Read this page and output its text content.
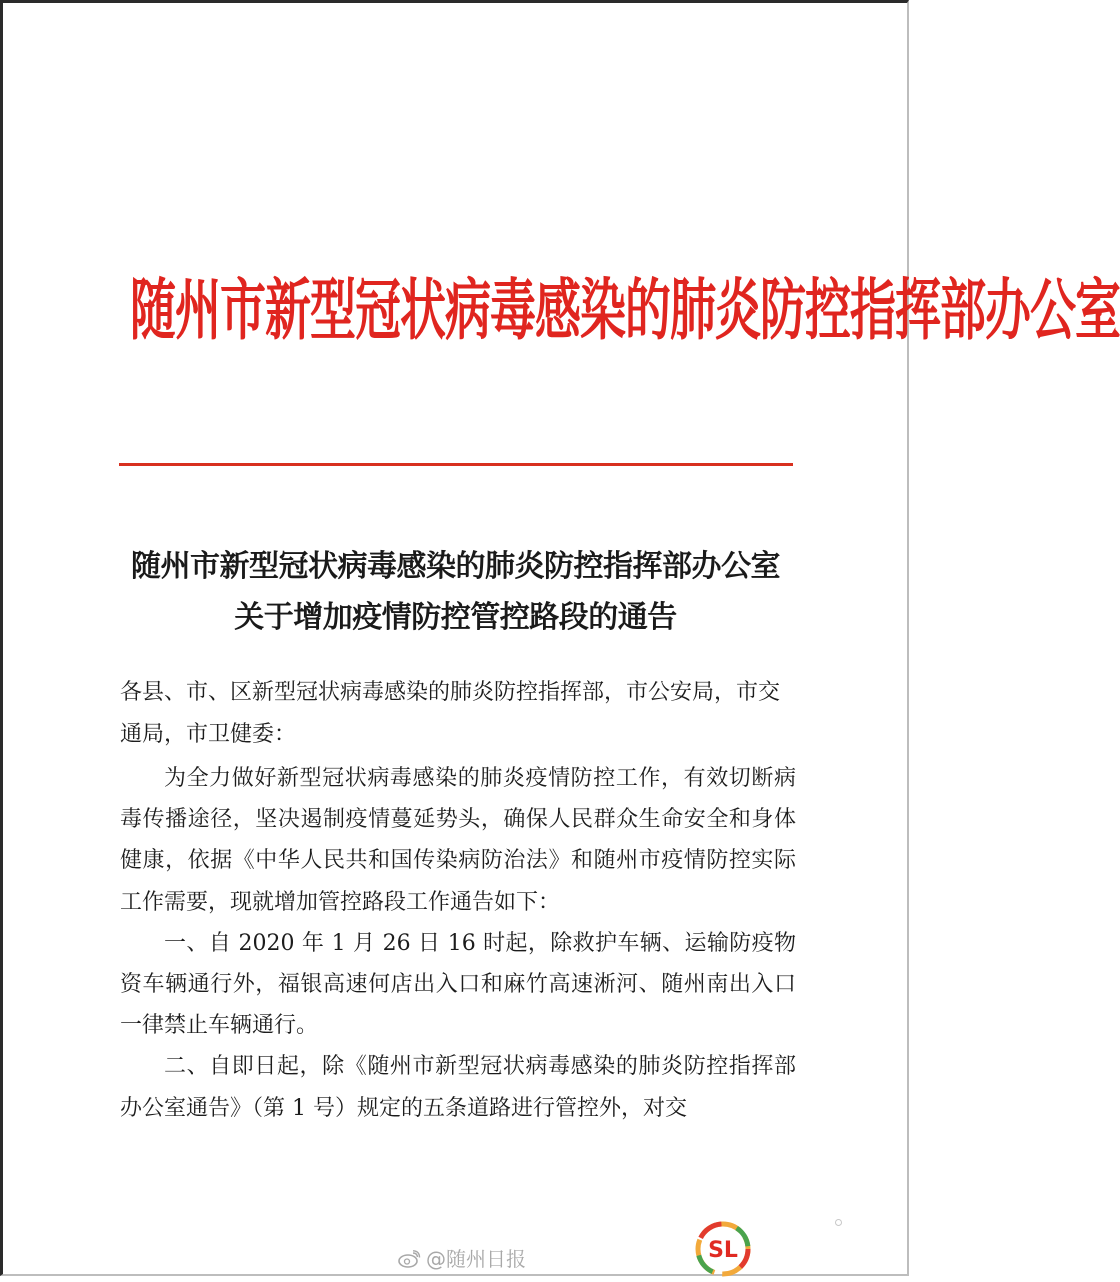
随州市新型冠状病毒感染的肺炎防控指挥部办公室
随州市新型冠状病毒感染的肺炎防控指挥部办公室
关于增加疫情防控管控路段的通告
各县、市、区新型冠状病毒感染的肺炎防控指挥部，市公安局，市交通局，市卫健委：

为全力做好新型冠状病毒感染的肺炎疫情防控工作，有效切断病毒传播途径，坚决遏制疫情蔓延势头，确保人民群众生命安全和身体健康，依据《中华人民共和国传染病防治法》和随州市疫情防控实际工作需要，现就增加管控路段工作通告如下：

一、自 2020 年 1 月 26 日 16 时起，除救护车辆、运输防疫物资车辆通行外，福银高速何店出入口和麻竹高速淅河、随州南出入口一律禁止车辆通行。

二、自即日起，除《随州市新型冠状病毒感染的肺炎防控指挥部办公室通告》（第 1 号）规定的五条道路进行管控外，对交

@随州日报	SL
